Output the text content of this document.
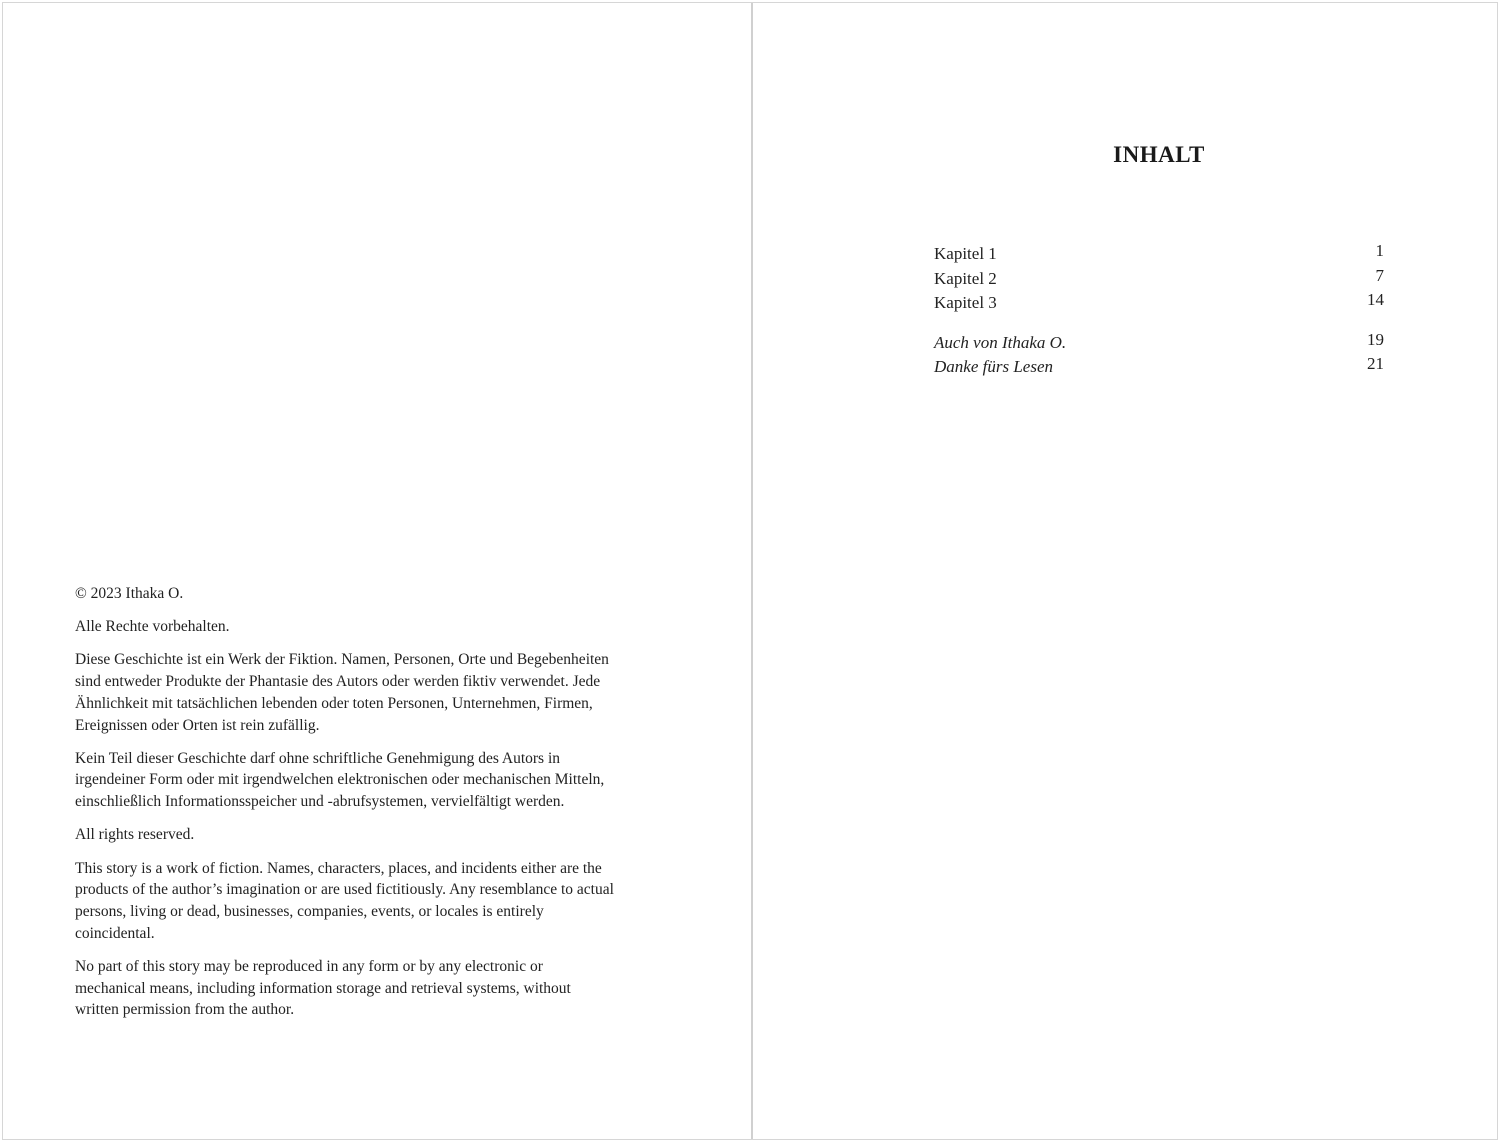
© 2023 Ithaka O.

Alle Rechte vorbehalten.

Diese Geschichte ist ein Werk der Fiktion. Namen, Personen, Orte und Begebenheiten sind entweder Produkte der Phantasie des Autors oder werden fiktiv verwendet. Jede Ähnlichkeit mit tatsächlichen lebenden oder toten Personen, Unternehmen, Firmen, Ereignissen oder Orten ist rein zufällig.

Kein Teil dieser Geschichte darf ohne schriftliche Genehmigung des Autors in irgendeiner Form oder mit irgendwelchen elektronischen oder mechanischen Mitteln, einschließlich Informationsspeicher und -abrufsystemen, vervielfältigt werden.

All rights reserved.

This story is a work of fiction. Names, characters, places, and incidents either are the products of the author’s imagination or are used fictitiously. Any resemblance to actual persons, living or dead, businesses, companies, events, or locales is entirely coincidental.

No part of this story may be reproduced in any form or by any electronic or mechanical means, including information storage and retrieval systems, without written permission from the author.

INHALT
Kapitel 1	1
Kapitel 2	7
Kapitel 3	14
Auch von Ithaka O.	19
Danke fürs Lesen	21
